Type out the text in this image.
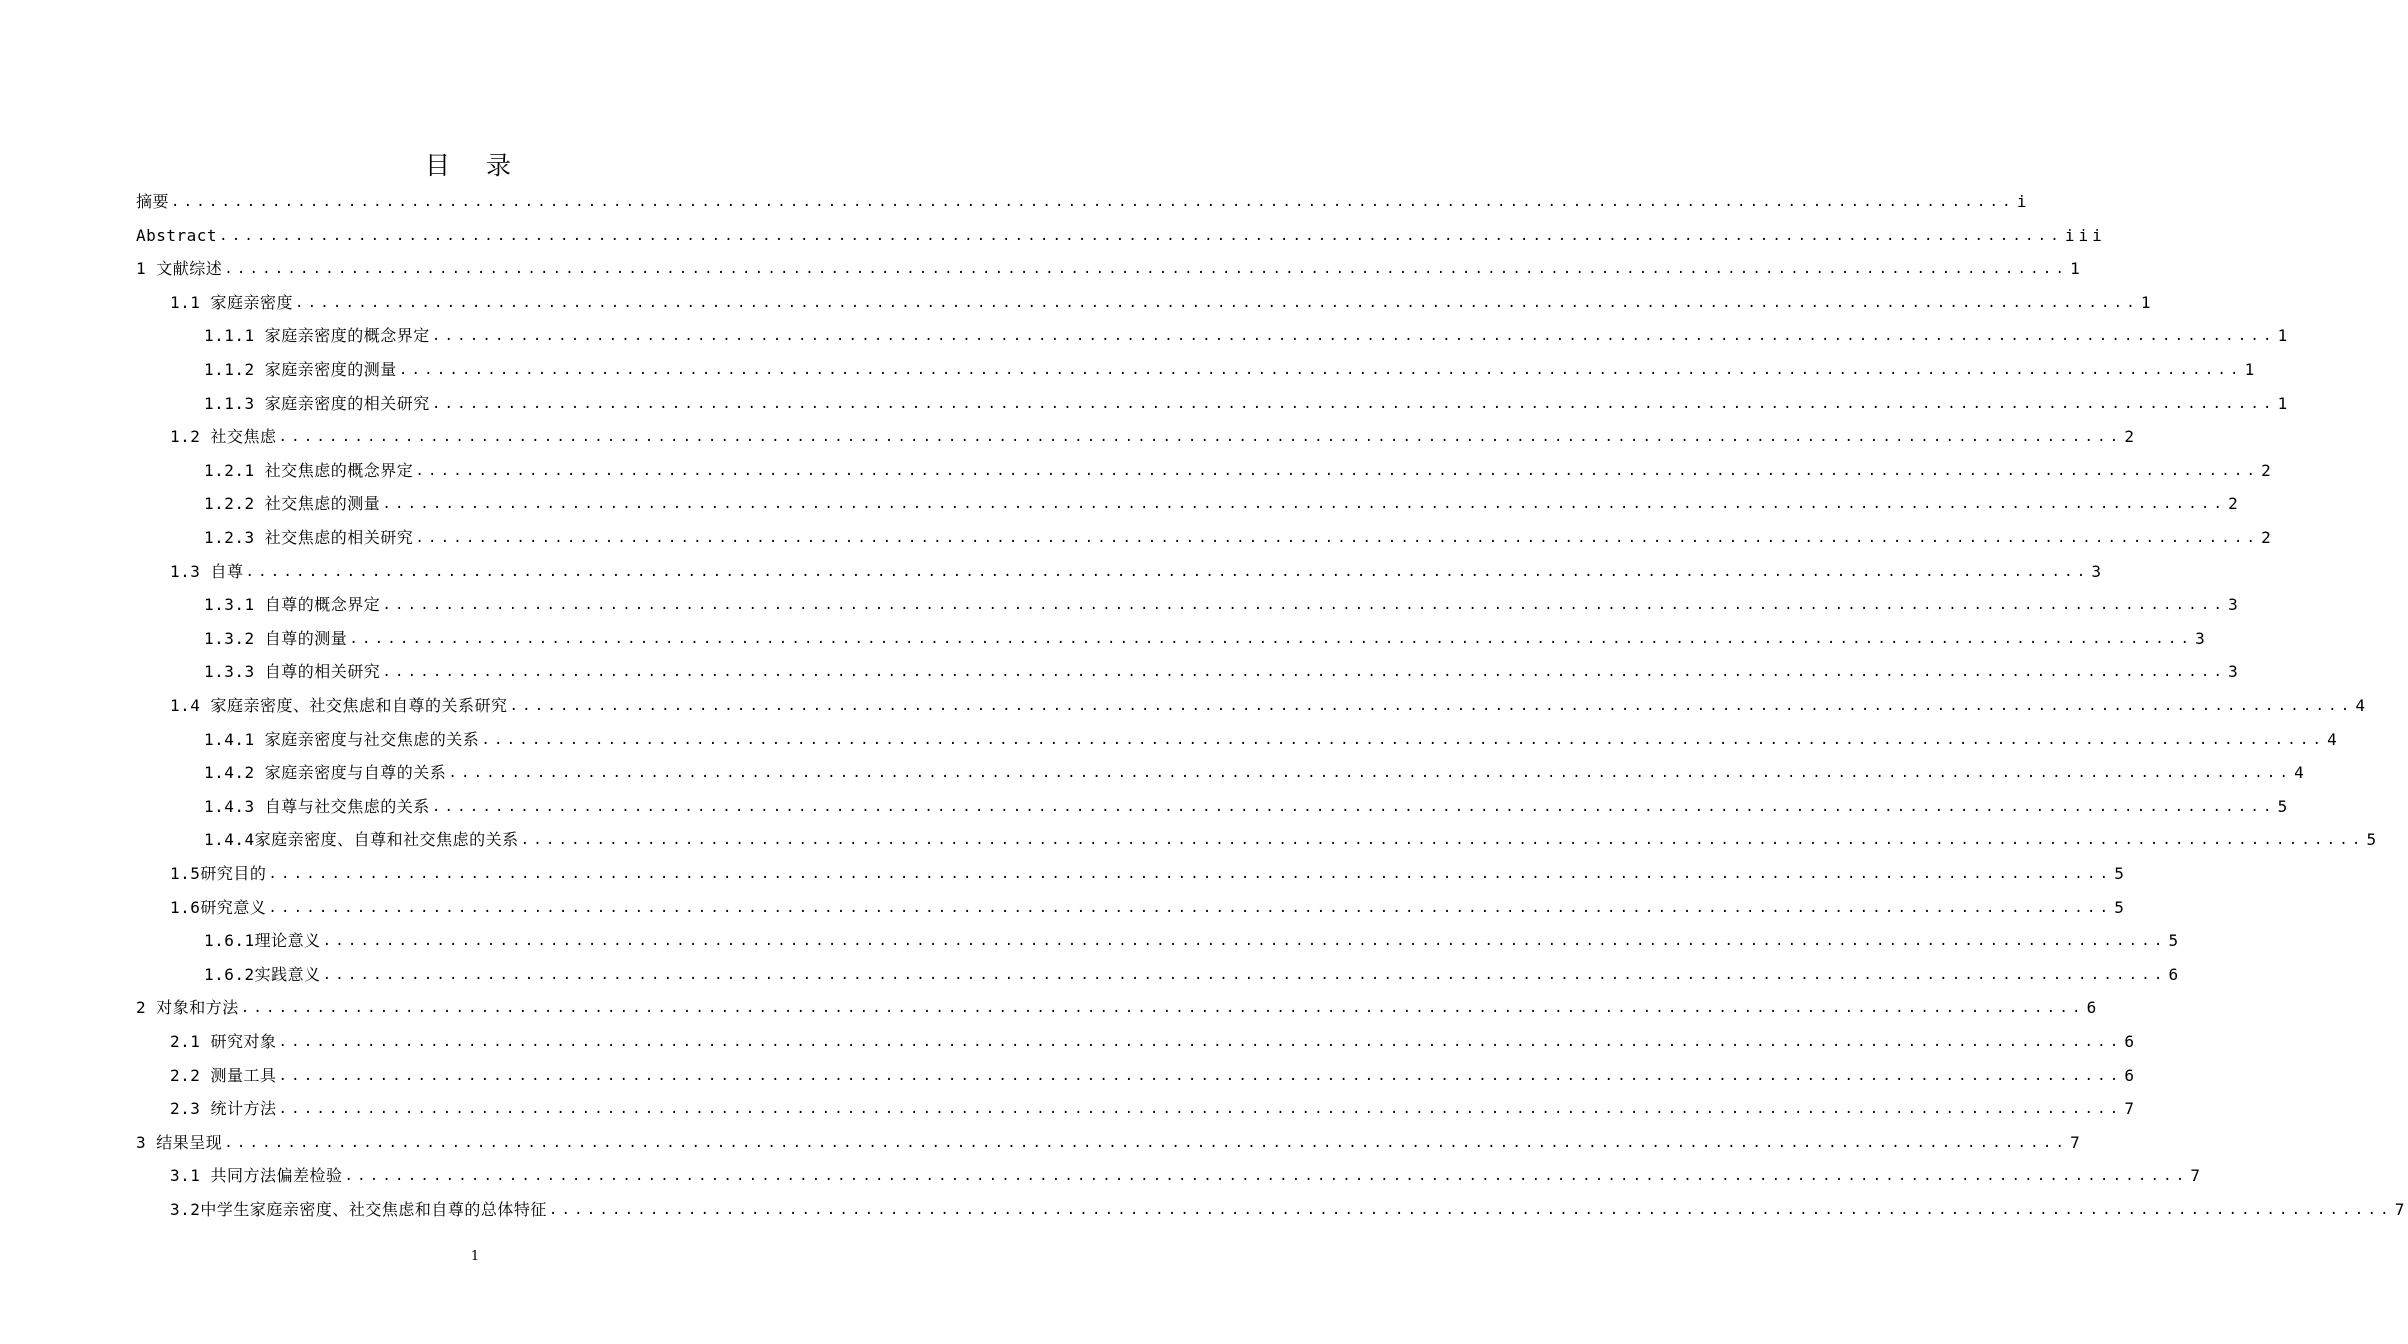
目 录
摘要 .....	i
Abstract .....	iii
1 文献综述 .....	1
1.1 家庭亲密度 .....	1
1.1.1 家庭亲密度的概念界定 .....	1
1.1.2 家庭亲密度的测量 .....	1
1.1.3 家庭亲密度的相关研究 .....	1
1.2 社交焦虑 .....	2
1.2.1 社交焦虑的概念界定 .....	2
1.2.2 社交焦虑的测量 .....	2
1.2.3 社交焦虑的相关研究 .....	2
1.3 自尊 .....	3
1.3.1 自尊的概念界定 .....	3
1.3.2 自尊的测量 .....	3
1.3.3 自尊的相关研究 .....	3
1.4 家庭亲密度、社交焦虑和自尊的关系研究 .....	4
1.4.1 家庭亲密度与社交焦虑的关系 .....	4
1.4.2 家庭亲密度与自尊的关系 .....	4
1.4.3 自尊与社交焦虑的关系 .....	5
1.4.4家庭亲密度、自尊和社交焦虑的关系 .....	5
1.5研究目的 .....	5
1.6研究意义 .....	5
1.6.1理论意义 .....	5
1.6.2实践意义 .....	6
2 对象和方法 .....	6
2.1 研究对象 .....	6
2.2 测量工具 .....	6
2.3 统计方法 .....	7
3 结果呈现 .....	7
3.1 共同方法偏差检验 .....	7
3.2中学生家庭亲密度、社交焦虑和自尊的总体特征 .....	7
1
